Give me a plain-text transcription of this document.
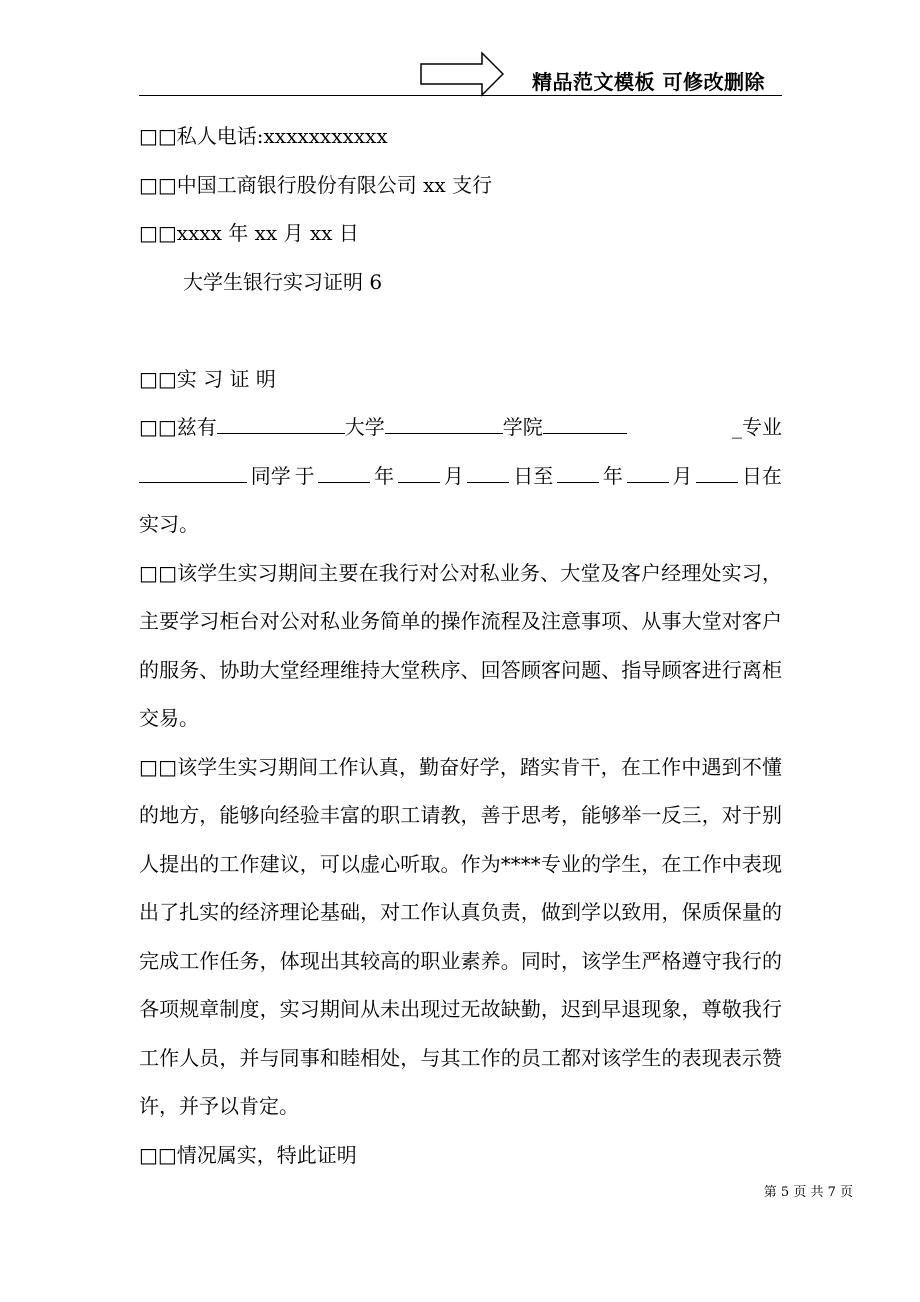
精品范文模板 可修改删除
□□私人电话:xxxxxxxxxxx
□□中国工商银行股份有限公司 xx 支行
□□xxxx 年 xx 月 xx 日
大学生银行实习证明 6
□□实 习 证 明
□□兹有	大学	学院	_专业
同学 于	年 月 日至 年 月 日在
实习。
□□该学生实习期间主要在我行对公对私业务、大堂及客户经理处实习，主要学习柜台对公对私业务简单的操作流程及注意事项、从事大堂对客户的服务、协助大堂经理维持大堂秩序、回答顾客问题、指导顾客进行离柜交易。
□□该学生实习期间工作认真，勤奋好学，踏实肯干，在工作中遇到不懂的地方，能够向经验丰富的职工请教，善于思考，能够举一反三，对于别人提出的工作建议，可以虚心听取。作为****专业的学生，在工作中表现出了扎实的经济理论基础，对工作认真负责，做到学以致用，保质保量的完成工作任务，体现出其较高的职业素养。同时，该学生严格遵守我行的各项规章制度，实习期间从未出现过无故缺勤，迟到早退现象，尊敬我行工作人员，并与同事和睦相处，与其工作的员工都对该学生的表现表示赞许，并予以肯定。
□□情况属实，特此证明
第 5 页 共 7 页
